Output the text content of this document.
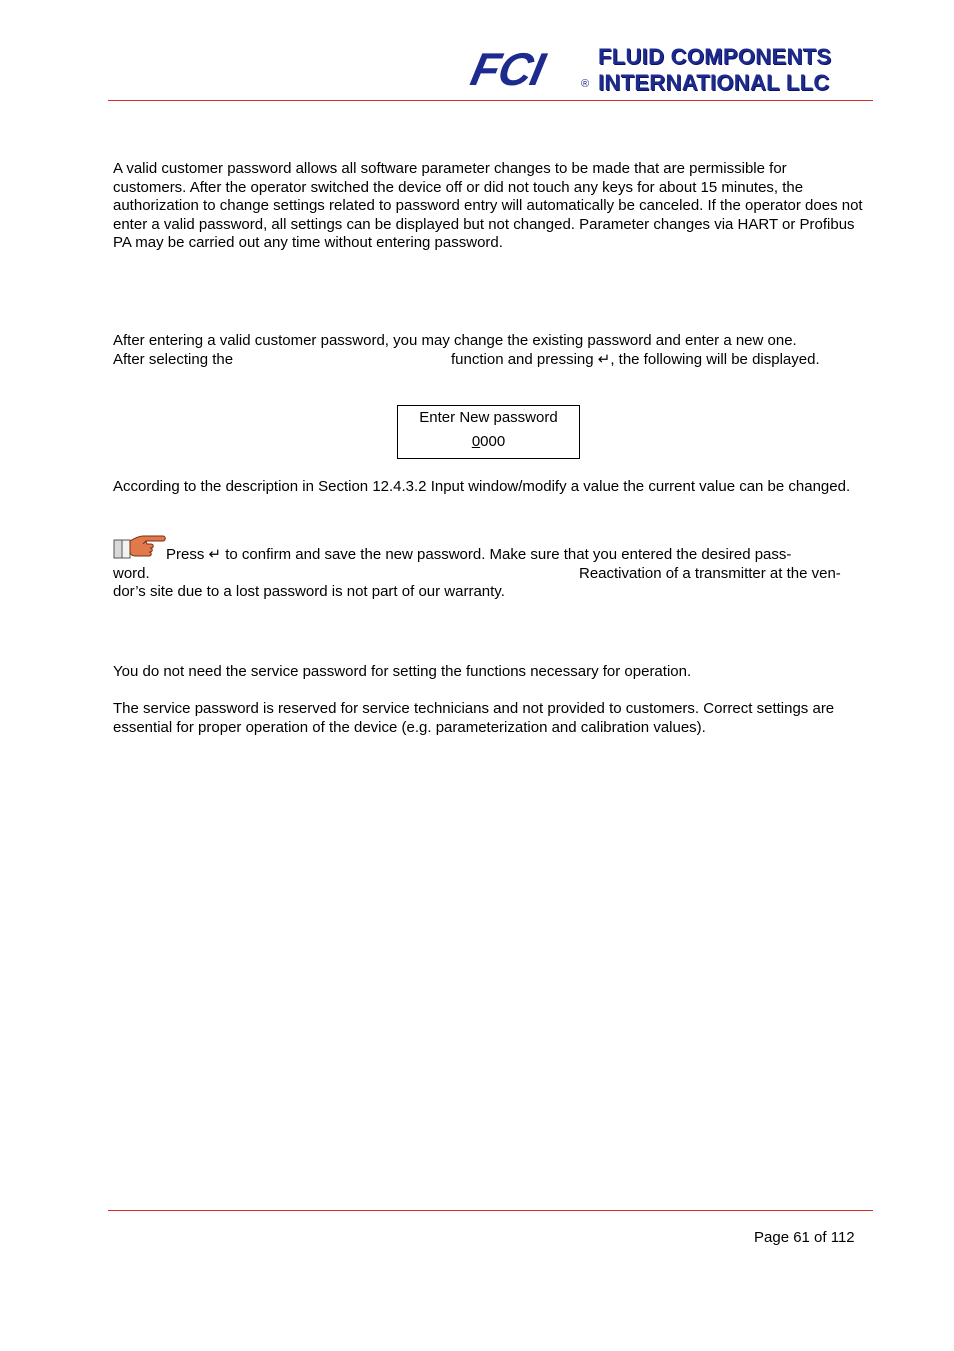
FCI	®
FLUID COMPONENTS
INTERNATIONAL LLC
A valid customer password allows all software parameter changes to be made that are permissible for customers. After the operator switched the device off or did not touch any keys for about 15 minutes, the authorization to change settings related to password entry will automatically be canceled. If the operator does not enter a valid password, all settings can be displayed but not changed. Parameter changes via HART or Profibus PA may be carried out any time without entering password.
After entering a valid customer password, you may change the existing password and enter a new one.
After selecting the	function and pressing ↵, the following will be displayed.
Enter New password
0000
According to the description in Section 12.4.3.2 Input window/modify a value the current value can be changed.
Press ↵ to confirm and save the new password. Make sure that you entered the desired pass-
word.	Reactivation of a transmitter at the ven-
dor’s site due to a lost password is not part of our warranty.
You do not need the service password for setting the functions necessary for operation.
The service password is reserved for service technicians and not provided to customers. Correct settings are essential for proper operation of the device (e.g. parameterization and calibration values).
Page 61 of 112
